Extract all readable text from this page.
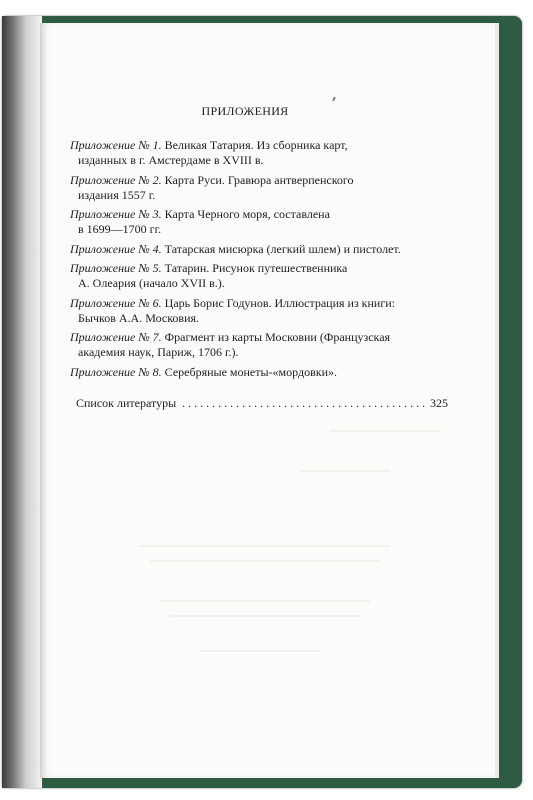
ПРИЛОЖЕНИЯ
Приложение № 1. Великая Татария. Из сборника карт,
изданных в г. Амстердаме в XVIII в.
Приложение № 2. Карта Руси. Гравюра антверпенского
издания 1557 г.
Приложение № 3. Карта Черного моря, составлена
в 1699—1700 гг.
Приложение № 4. Татарская мисюрка (легкий шлем) и пистолет.
Приложение № 5. Татарин. Рисунок путешественника
А. Олеария (начало XVII в.).
Приложение № 6. Царь Борис Годунов. Иллюстрация из книги:
Бычков А.А. Московия.
Приложение № 7. Фрагмент из карты Московии (Французская
академия наук, Париж, 1706 г.).
Приложение № 8. Серебряные монеты-«мордовки».
Список литературы
. . .	325
